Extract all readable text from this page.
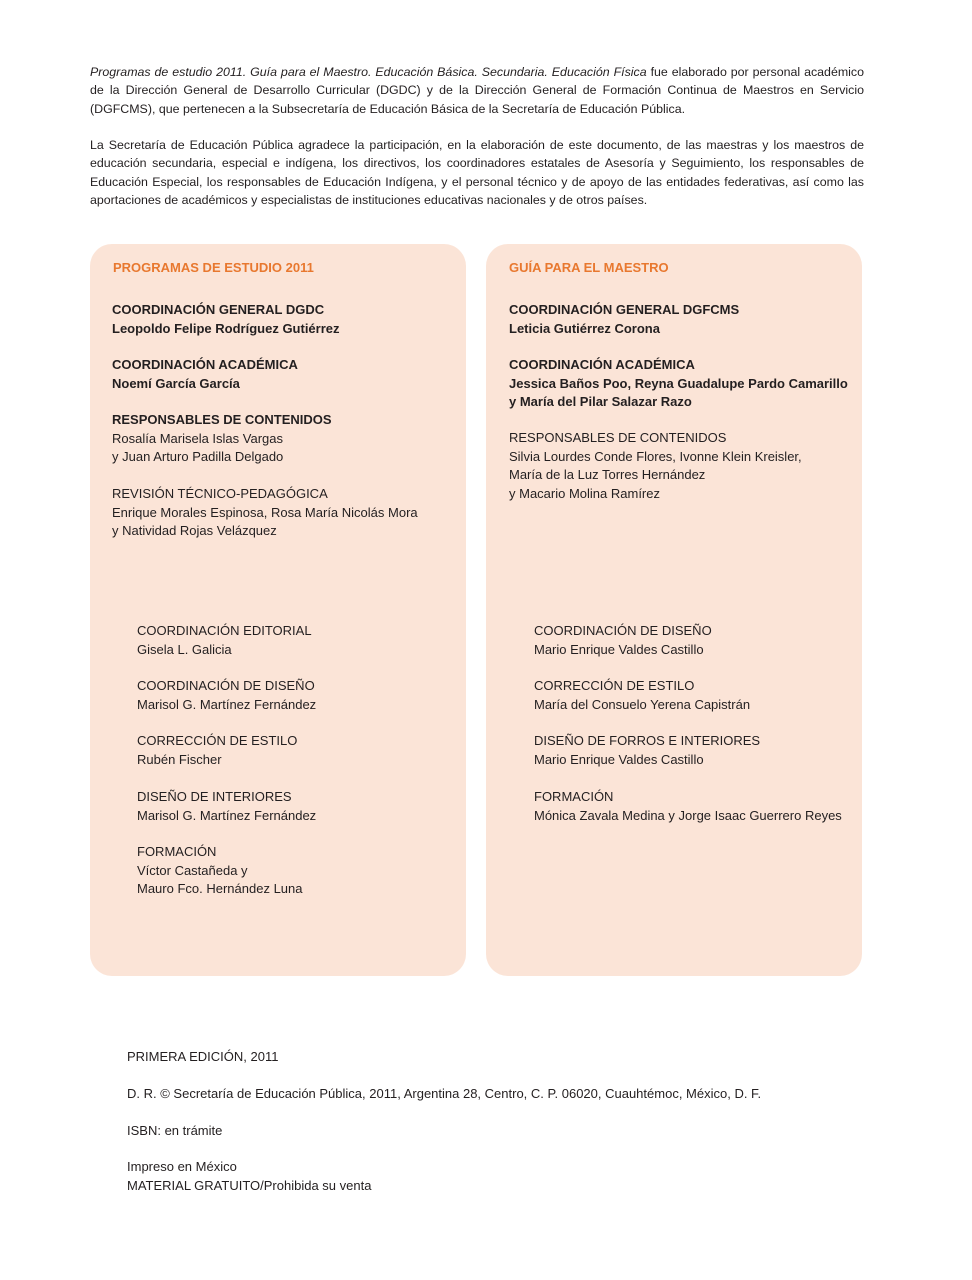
Programas de estudio 2011. Guía para el Maestro. Educación Básica. Secundaria. Educación Física fue elaborado por personal académico de la Dirección General de Desarrollo Curricular (DGDC) y de la Dirección General de Formación Continua de Maestros en Servicio (DGFCMS), que pertenecen a la Subsecretaría de Educación Básica de la Secretaría de Educación Pública.

La Secretaría de Educación Pública agradece la participación, en la elaboración de este documento, de las maestras y los maestros de educación secundaria, especial e indígena, los directivos, los coordinadores estatales de Asesoría y Seguimiento, los responsables de Educación Especial, los responsables de Educación Indígena, y el personal técnico y de apoyo de las entidades federativas, así como las aportaciones de académicos y especialistas de instituciones educativas nacionales y de otros países.

PROGRAMAS DE ESTUDIO 2011

COORDINACIÓN GENERAL DGDC

Leopoldo Felipe Rodríguez Gutiérrez

COORDINACIÓN ACADÉMICA

Noemí García García

RESPONSABLES DE CONTENIDOS

Rosalía Marisela Islas Vargas

y Juan Arturo Padilla Delgado

REVISIÓN TÉCNICO-PEDAGÓGICA

Enrique Morales Espinosa, Rosa María Nicolás Mora

y Natividad Rojas Velázquez

COORDINACIÓN EDITORIAL

Gisela L. Galicia

COORDINACIÓN DE DISEÑO

Marisol G. Martínez Fernández

CORRECCIÓN DE ESTILO

Rubén Fischer

DISEÑO DE INTERIORES

Marisol G. Martínez Fernández

FORMACIÓN

Víctor Castañeda y

Mauro Fco. Hernández Luna

GUÍA PARA EL MAESTRO

COORDINACIÓN GENERAL DGFCMS

Leticia Gutiérrez Corona

COORDINACIÓN ACADÉMICA

Jessica Baños Poo, Reyna Guadalupe Pardo Camarillo

y María del Pilar Salazar Razo

RESPONSABLES DE CONTENIDOS

Silvia Lourdes Conde Flores, Ivonne Klein Kreisler,

María de la Luz Torres Hernández

y Macario Molina Ramírez

COORDINACIÓN DE DISEÑO

Mario Enrique Valdes Castillo

CORRECCIÓN DE ESTILO

María del Consuelo Yerena Capistrán

DISEÑO DE FORROS E INTERIORES

Mario Enrique Valdes Castillo

FORMACIÓN

Mónica Zavala Medina y Jorge Isaac Guerrero Reyes

PRIMERA EDICIÓN, 2011

D. R. © Secretaría de Educación Pública, 2011, Argentina 28, Centro, C. P. 06020, Cuauhtémoc, México, D. F.

ISBN: en trámite

Impreso en México

MATERIAL GRATUITO/Prohibida su venta
